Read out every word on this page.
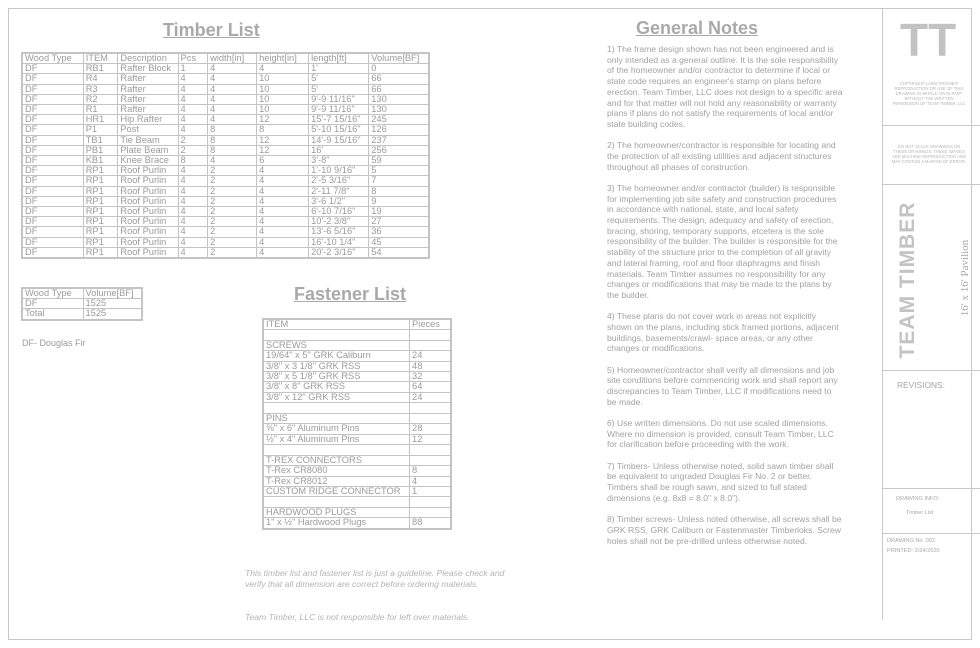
Timber List
Wood Type	ITEM	Description	Pcs	width[in]	height[in]	length[ft]	Volume[BF]
DF	RB1	Rafter Block	1	4	4	1'	0
DF	R4	Rafter	4	4	10	5'	66
DF	R3	Rafter	4	4	10	5'	66
DF	R2	Rafter	4	4	10	9'-9 11/16"	130
DF	R1	Rafter	4	4	10	9'-9 11/16"	130
DF	HR1	Hip Rafter	4	4	12	15'-7 15/16"	245
DF	P1	Post	4	8	8	5'-10 15/16"	126
DF	TB1	Tie Beam	2	8	12	14'-9 15/16"	237
DF	PB1	Plate Beam	2	8	12	16'	256
DF	KB1	Knee Brace	8	4	6	3'-8"	59
DF	RP1	Roof Purlin	4	2	4	1'-10 9/16"	5
DF	RP1	Roof Purlin	4	2	4	2'-5 3/16"	7
DF	RP1	Roof Purlin	4	2	4	2'-11 7/8"	8
DF	RP1	Roof Purlin	4	2	4	3'-6 1/2"	9
DF	RP1	Roof Purlin	4	2	4	6'-10 7/16"	19
DF	RP1	Roof Purlin	4	2	4	10'-2 3/8"	27
DF	RP1	Roof Purlin	4	2	4	13'-6 5/16"	36
DF	RP1	Roof Purlin	4	2	4	16'-10 1/4"	45
DF	RP1	Roof Purlin	4	2	4	20'-2 3/16"	54
Wood Type	Volume[BF]
DF	1525
Total	1525
DF- Douglas Fir
Fastener List
ITEM	Pieces

SCREWS	
19/64" x 5" GRK Caliburn	24
3/8" x 3 1/8" GRK RSS	48
3/8" x 5 1/8" GRK RSS	32
3/8" x 8" GRK RSS	64
3/8" x 12" GRK RSS	24

PINS	
⅝" x 6" Aluminum Pins	28
½" x 4" Aluminum Pins	12

T-REX CONNECTORS	
T-Rex CR8080	8
T-Rex CR8012	4
CUSTOM RIDGE CONNECTOR	1

HARDWOOD PLUGS	
1" x ½" Hardwood Plugs	88
This timber list and fastener list is just a guideline. Please check and verify that all dimension are correct before ordering materials.
Team Timber, LLC is not responsible for left over materials.
General Notes

1) The frame design shown has not been engineered and is only intended as a general outline. It is the sole responsibility of the homeowner and/or contractor to determine if local or state code requires an engineer's stamp on plans before erection. Team Timber, LLC does not design to a specific area and for that matter will not hold any reasonability or warranty plans if plans do not satisfy the requirements of local and/or state building codes.

2) The homeowner/contractor is responsible for locating and the protection of all existing utilities and adjacent structures throughout all phases of construction.

3) The homeowner and/or contractor (builder) is responsible for implementing job site safety and construction procedures in accordance with national, state, and local safety requirements. The design, adequacy and safety of erection, bracing, shoring, temporary supports, etcetera is the sole responsibility of the builder. The builder is responsible for the stability of the structure prior to the completion of all gravity and lateral framing, roof and floor diaphragms and finish materials. Team Timber assumes no responsibility for any changes or modifications that may be made to the plans by the builder.

4) These plans do not cover work in areas not explicitly shown on the plans, including stick framed portions, adjacent buildings, basements/crawl- space areas, or any other changes or modifications.

5) Homeowner/contractor shall verify all dimensions and job site conditions before commencing work and shall report any discrepancies to Team Timber, LLC if modifications need to be made.

6) Use written dimensions. Do not use scaled dimensions. Where no dimension is provided, consult Team Timber, LLC for clarification before proceeding with the work.

7) Timbers- Unless otherwise noted, solid sawn timber shall be equivalent to ungraded Douglas Fir No. 2 or better. Timbers shall be rough sawn, and sized to full stated dimensions (e.g. 8x8 = 8.0" x 8.0").

8) Timber screws- Unless noted otherwise, all screws shall be GRK RSS, GRK Caliburn or Fastenmaster Timberloks. Screw holes shall not be pre-drilled unless otherwise noted.

TT
COPYRIGHT LAWS PROHIBIT REPRODUCTION OR USE OF THIS DRAWING IN WHOLE OR IN PART WITHOUT THE WRITTEN PERMISSION OF TEAM TIMBER, LLC
DO NOT SCALE DRAWINGS ON THESE DRAWINGS. THESE IMAGES ARE MACHINE REPRODUCTION AND MAY CONTAIN A MARGIN OF ERROR.
TEAM TIMBER	16' x 16' Pavilion
REVISIONS:
DRAWING INFO:
Timber List
DRAWING No. 002
PRINTED: 2/24/2020
